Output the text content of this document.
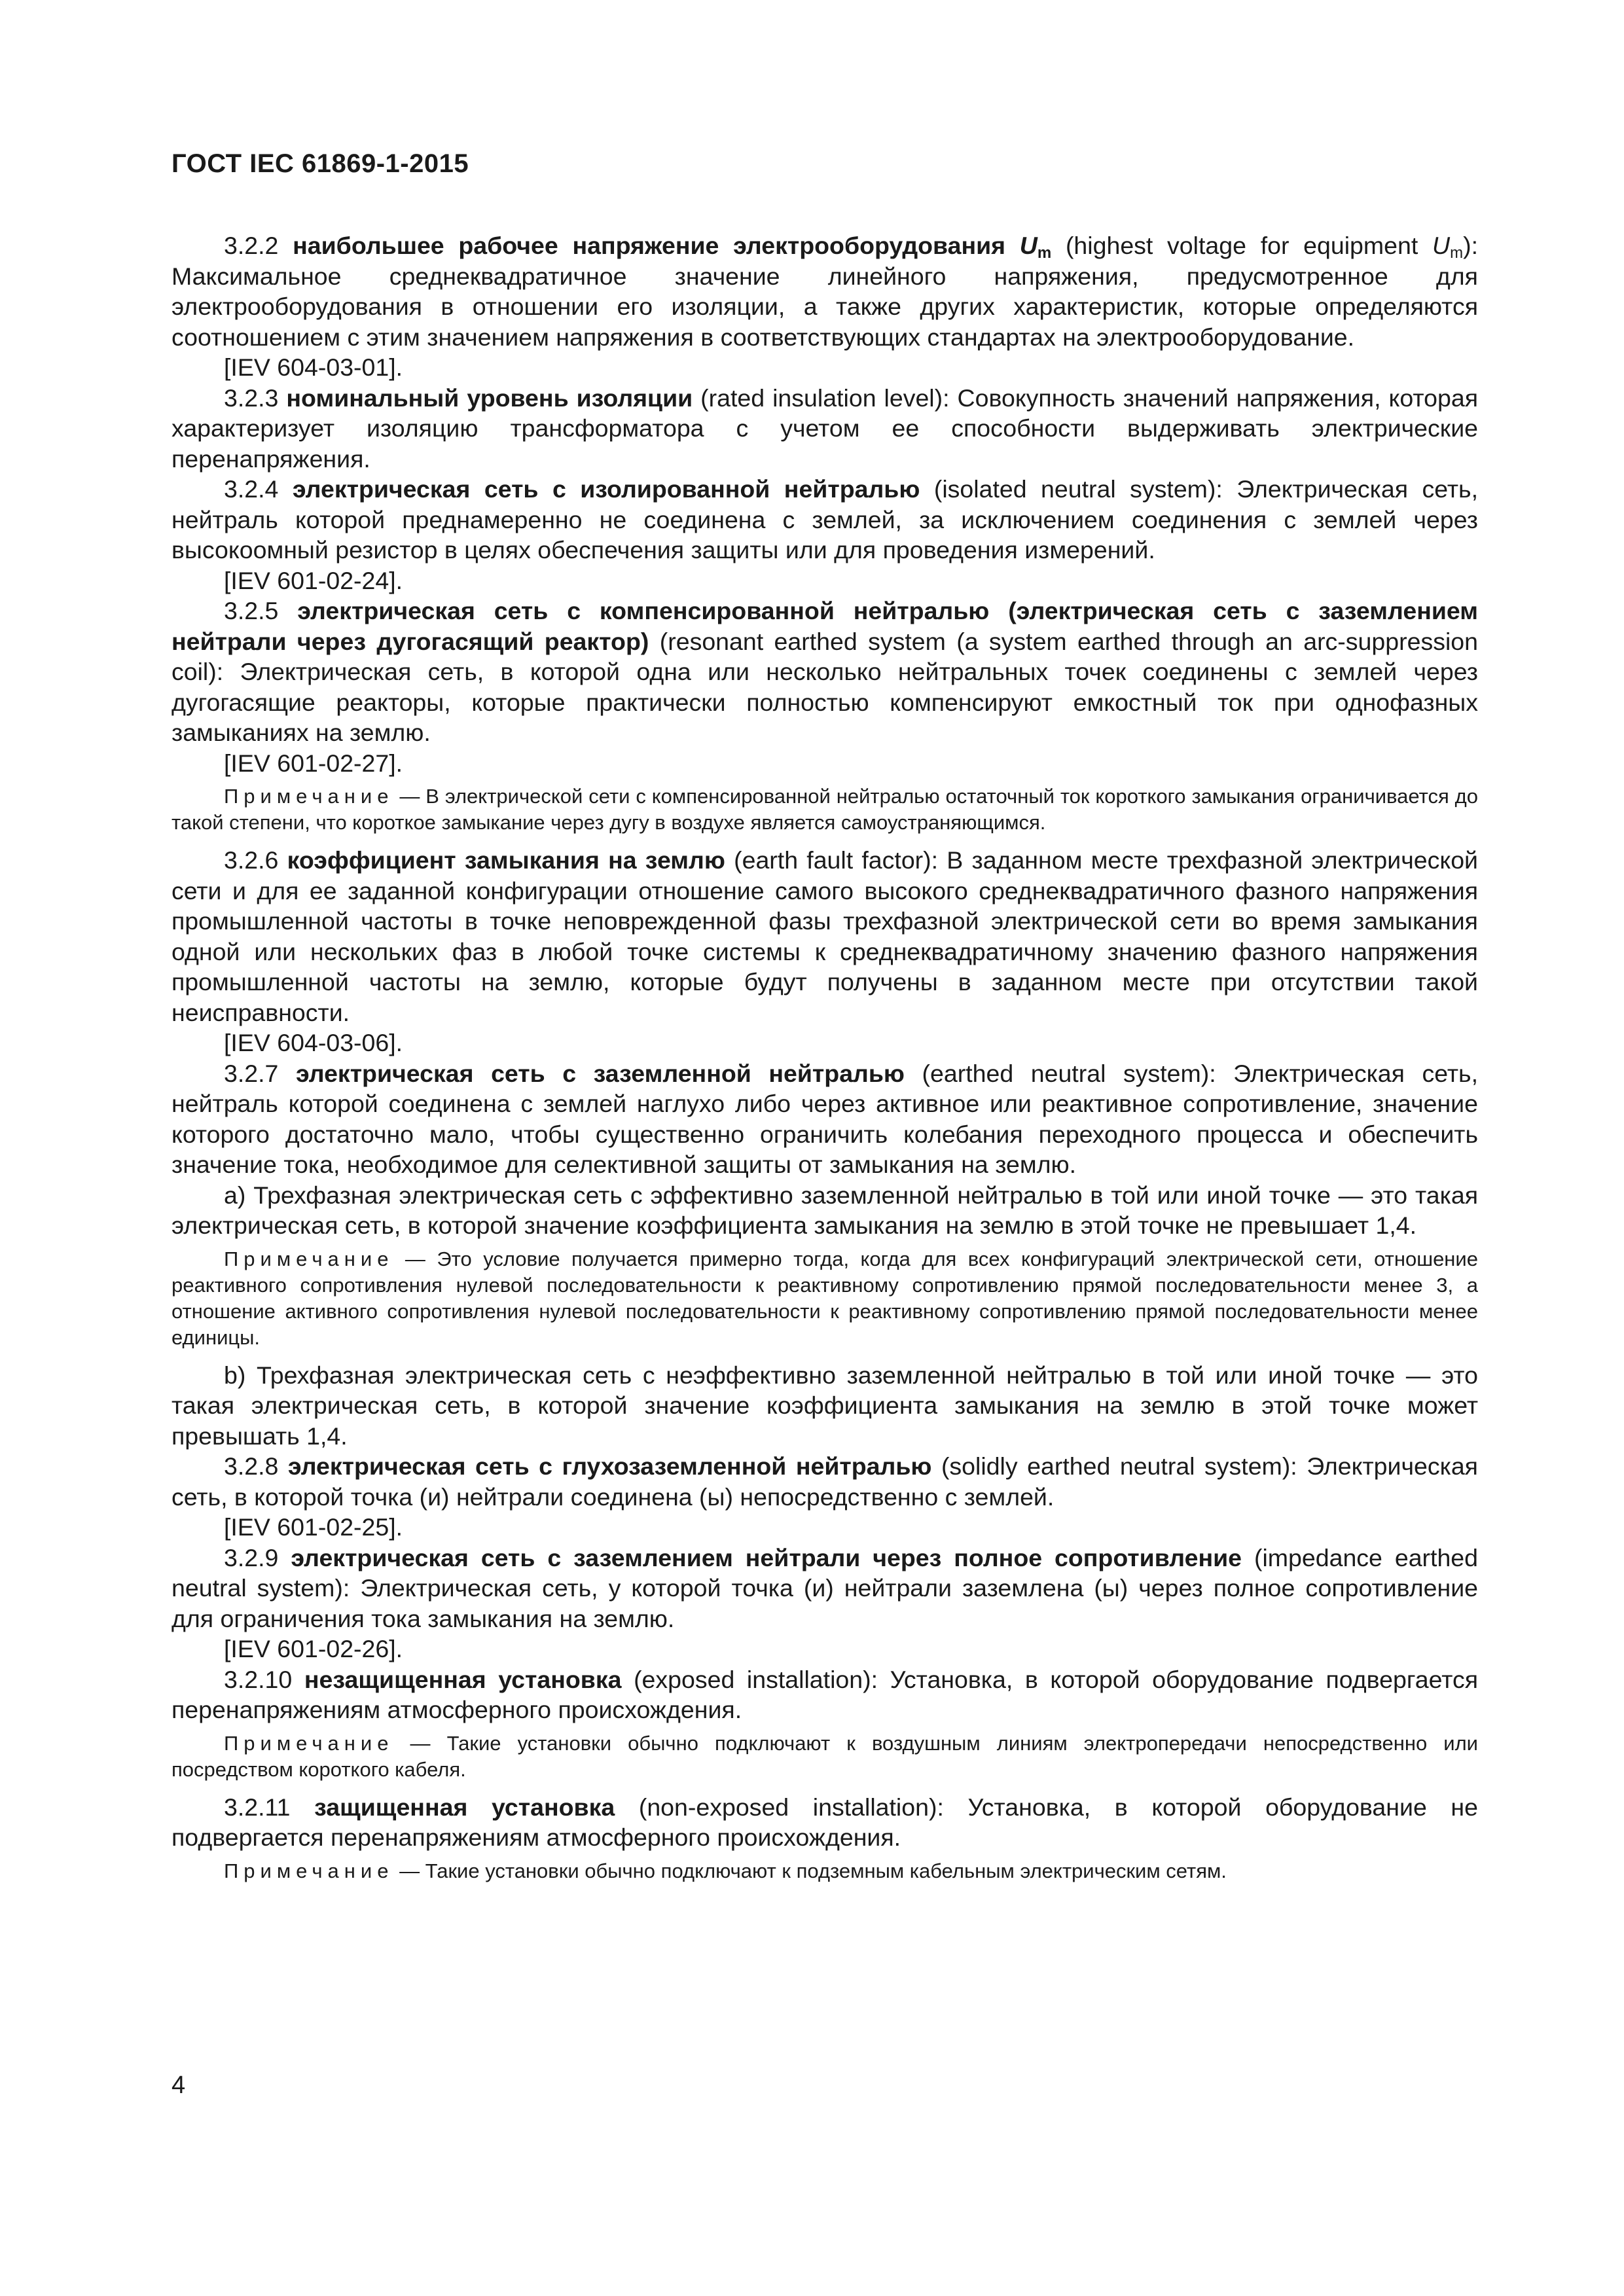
ГОСТ IEC 61869-1-2015

3.2.2 наибольшее рабочее напряжение электрооборудования $U_m$ (highest voltage for equipment $U_m$): Максимальное среднеквадратичное значение линейного напряжения, предусмотренное для электрооборудования в отношении его изоляции, а также других характеристик, которые определяются соотношением с этим значением напряжения в соответствующих стандартах на электрооборудование.

[IEV 604-03-01].

3.2.3 номинальный уровень изоляции (rated insulation level): Совокупность значений напряжения, которая характеризует изоляцию трансформатора с учетом ее способности выдерживать электрические перенапряжения.

3.2.4 электрическая сеть с изолированной нейтралью (isolated neutral system): Электрическая сеть, нейтраль которой преднамеренно не соединена с землей, за исключением соединения с землей через высокоомный резистор в целях обеспечения защиты или для проведения измерений.

[IEV 601-02-24].

3.2.5 электрическая сеть с компенсированной нейтралью (электрическая сеть с заземлением нейтрали через дугогасящий реактор) (resonant earthed system (a system earthed through an arc-suppression coil): Электрическая сеть, в которой одна или несколько нейтральных точек соединены с землей через дугогасящие реакторы, которые практически полностью компенсируют емкостный ток при однофазных замыканиях на землю.

[IEV 601-02-27].

Примечание — В электрической сети с компенсированной нейтралью остаточный ток короткого замыкания ограничивается до такой степени, что короткое замыкание через дугу в воздухе является самоустраняющимся.

3.2.6 коэффициент замыкания на землю (earth fault factor): В заданном месте трехфазной электрической сети и для ее заданной конфигурации отношение самого высокого среднеквадратичного фазного напряжения промышленной частоты в точке неповрежденной фазы трехфазной электрической сети во время замыкания одной или нескольких фаз в любой точке системы к среднеквадратичному значению фазного напряжения промышленной частоты на землю, которые будут получены в заданном месте при отсутствии такой неисправности.

[IEV 604-03-06].

3.2.7 электрическая сеть с заземленной нейтралью (earthed neutral system): Электрическая сеть, нейтраль которой соединена с землей наглухо либо через активное или реактивное сопротивление, значение которого достаточно мало, чтобы существенно ограничить колебания переходного процесса и обеспечить значение тока, необходимое для селективной защиты от замыкания на землю.

a) Трехфазная электрическая сеть с эффективно заземленной нейтралью в той или иной точке — это такая электрическая сеть, в которой значение коэффициента замыкания на землю в этой точке не превышает 1,4.

Примечание — Это условие получается примерно тогда, когда для всех конфигураций электрической сети, отношение реактивного сопротивления нулевой последовательности к реактивному сопротивлению прямой последовательности менее 3, а отношение активного сопротивления нулевой последовательности к реактивному сопротивлению прямой последовательности менее единицы.

b) Трехфазная электрическая сеть с неэффективно заземленной нейтралью в той или иной точке — это такая электрическая сеть, в которой значение коэффициента замыкания на землю в этой точке может превышать 1,4.

3.2.8 электрическая сеть с глухозаземленной нейтралью (solidly earthed neutral system): Электрическая сеть, в которой точка (и) нейтрали соединена (ы) непосредственно с землей.

[IEV 601-02-25].

3.2.9 электрическая сеть с заземлением нейтрали через полное сопротивление (impedance earthed neutral system): Электрическая сеть, у которой точка (и) нейтрали заземлена (ы) через полное сопротивление для ограничения тока замыкания на землю.

[IEV 601-02-26].

3.2.10 незащищенная установка (exposed installation): Установка, в которой оборудование подвергается перенапряжениям атмосферного происхождения.

Примечание — Такие установки обычно подключают к воздушным линиям электропередачи непосредственно или посредством короткого кабеля.

3.2.11 защищенная установка (non-exposed installation): Установка, в которой оборудование не подвергается перенапряжениям атмосферного происхождения.

Примечание — Такие установки обычно подключают к подземным кабельным электрическим сетям.

4
